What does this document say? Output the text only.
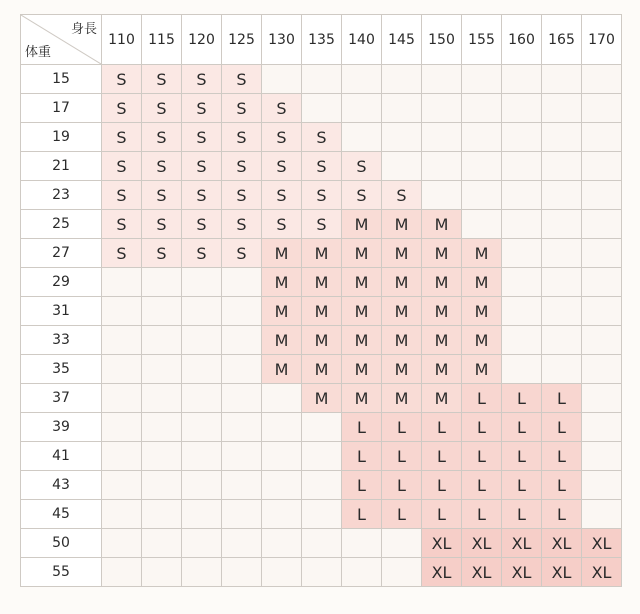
身長
体重	110	115	120	125	130	135	140	145	150	155	160	165	170
15	S	S	S	S									
17	S	S	S	S	S								
19	S	S	S	S	S	S							
21	S	S	S	S	S	S	S						
23	S	S	S	S	S	S	S	S					
25	S	S	S	S	S	S	M	M	M				
27	S	S	S	S	M	M	M	M	M	M			
29					M	M	M	M	M	M			
31					M	M	M	M	M	M			
33					M	M	M	M	M	M			
35					M	M	M	M	M	M			
37						M	M	M	M	L	L	L	
39							L	L	L	L	L	L	
41							L	L	L	L	L	L	
43							L	L	L	L	L	L	
45							L	L	L	L	L	L	
50									XL	XL	XL	XL	XL
55									XL	XL	XL	XL	XL
